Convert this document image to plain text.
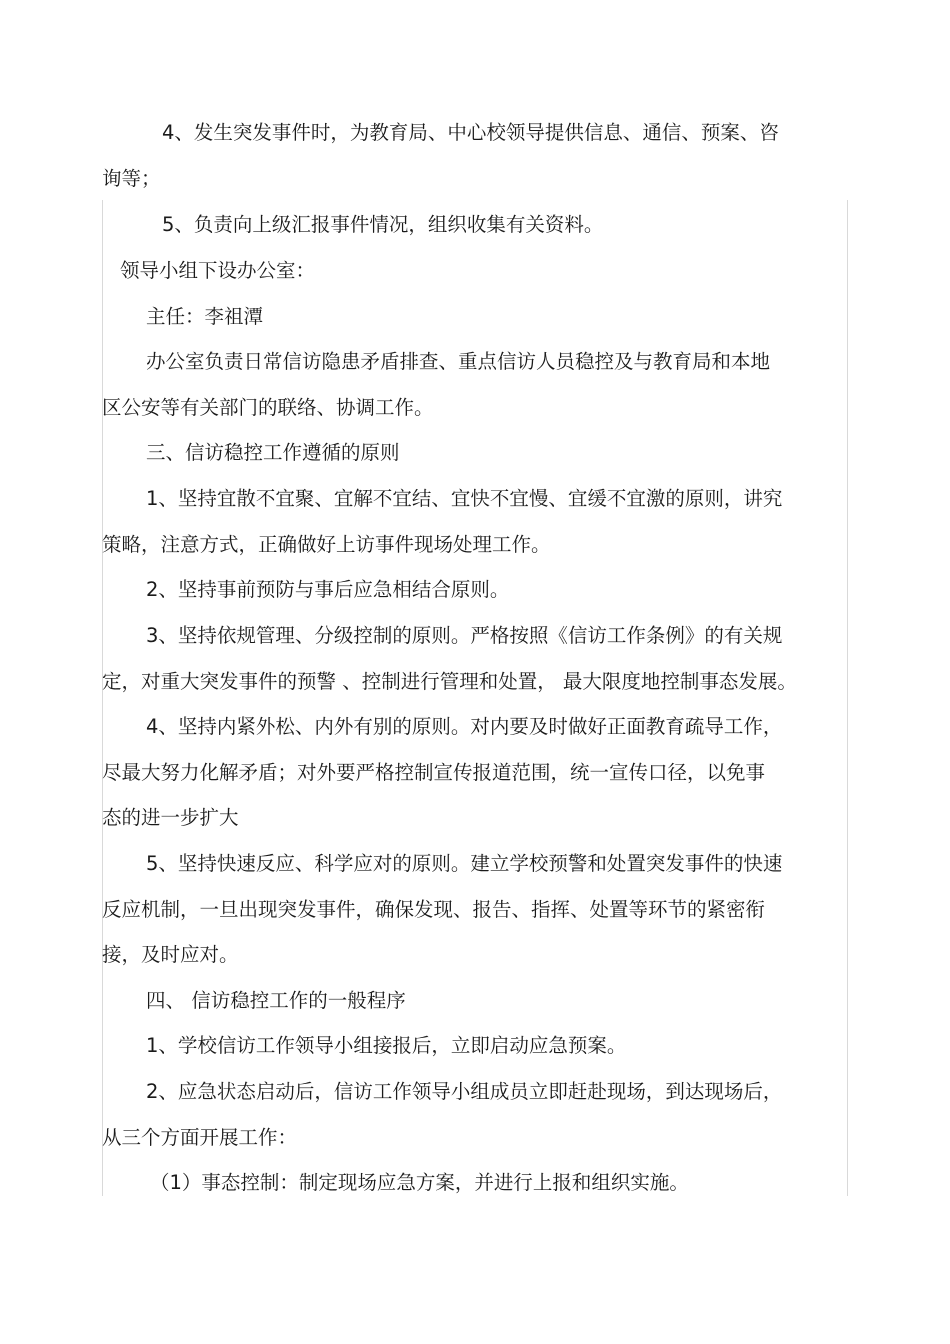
4、发生突发事件时，为教育局、中心校领导提供信息、通信、预案、咨
询等；
5、负责向上级汇报事件情况，组织收集有关资料。
领导小组下设办公室：
主任：李祖潭
办公室负责日常信访隐患矛盾排查、重点信访人员稳控及与教育局和本地
区公安等有关部门的联络、协调工作。
三、信访稳控工作遵循的原则
1、坚持宜散不宜聚、宜解不宜结、宜快不宜慢、宜缓不宜激的原则，讲究
策略，注意方式，正确做好上访事件现场处理工作。
2、坚持事前预防与事后应急相结合原则。
3、坚持依规管理、分级控制的原则。严格按照《信访工作条例》的有关规
定，对重大突发事件的预警 、控制进行管理和处置， 最大限度地控制事态发展。
4、坚持内紧外松、内外有别的原则。对内要及时做好正面教育疏导工作，
尽最大努力化解矛盾；对外要严格控制宣传报道范围，统一宣传口径，以免事
态的进一步扩大
5、坚持快速反应、科学应对的原则。建立学校预警和处置突发事件的快速
反应机制，一旦出现突发事件，确保发现、报告、指挥、处置等环节的紧密衔
接，及时应对。
四、 信访稳控工作的一般程序
1、学校信访工作领导小组接报后，立即启动应急预案。
2、应急状态启动后，信访工作领导小组成员立即赶赴现场，到达现场后，
从三个方面开展工作：
（1）事态控制：制定现场应急方案，并进行上报和组织实施。
